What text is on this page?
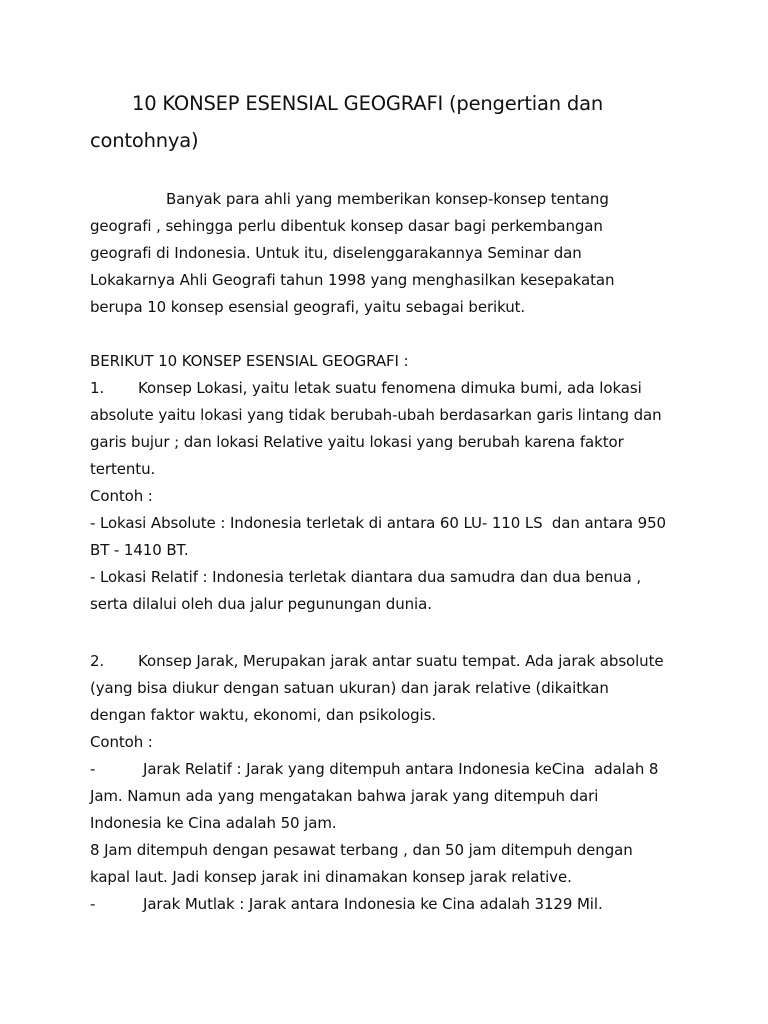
10 KONSEP ESENSIAL GEOGRAFI (pengertian dan
contohnya)
Banyak para ahli yang memberikan konsep-konsep tentang
geografi , sehingga perlu dibentuk konsep dasar bagi perkembangan
geografi di Indonesia. Untuk itu, diselenggarakannya Seminar dan
Lokakarnya Ahli Geografi tahun 1998 yang menghasilkan kesepakatan
berupa 10 konsep esensial geografi, yaitu sebagai berikut.
BERIKUT 10 KONSEP ESENSIAL GEOGRAFI :
1. Konsep Lokasi, yaitu letak suatu fenomena dimuka bumi, ada lokasi
absolute yaitu lokasi yang tidak berubah-ubah berdasarkan garis lintang dan
garis bujur ; dan lokasi Relative yaitu lokasi yang berubah karena faktor
tertentu.
Contoh :
- Lokasi Absolute : Indonesia terletak di antara 60 LU- 110 LS  dan antara 950
BT - 1410 BT.
- Lokasi Relatif : Indonesia terletak diantara dua samudra dan dua benua ,
serta dilalui oleh dua jalur pegunungan dunia.
2. Konsep Jarak, Merupakan jarak antar suatu tempat. Ada jarak absolute
(yang bisa diukur dengan satuan ukuran) dan jarak relative (dikaitkan
dengan faktor waktu, ekonomi, dan psikologis.
Contoh :
-	Jarak Relatif : Jarak yang ditempuh antara Indonesia keCina  adalah 8
Jam. Namun ada yang mengatakan bahwa jarak yang ditempuh dari
Indonesia ke Cina adalah 50 jam.
8 Jam ditempuh dengan pesawat terbang , dan 50 jam ditempuh dengan
kapal laut. Jadi konsep jarak ini dinamakan konsep jarak relative.
-	Jarak Mutlak : Jarak antara Indonesia ke Cina adalah 3129 Mil.
